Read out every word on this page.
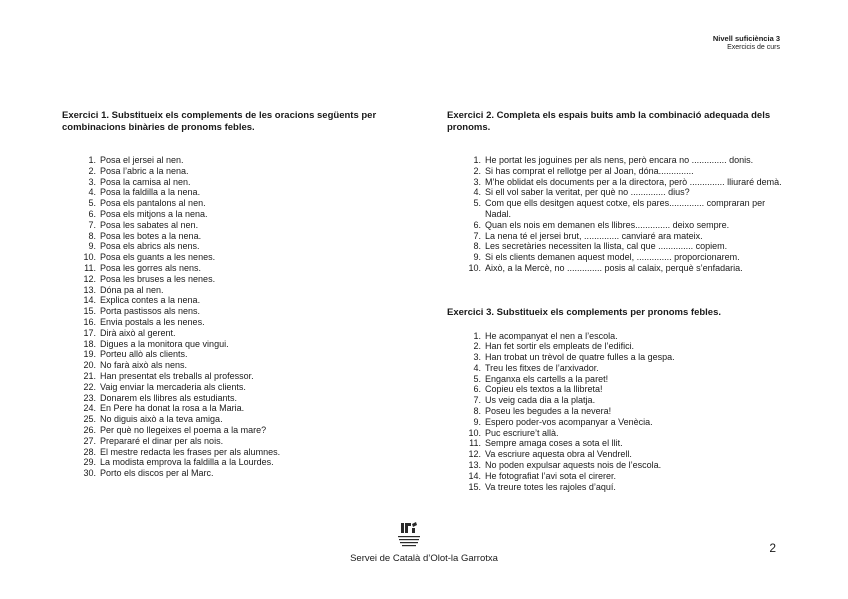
Nivell suficiència 3
Exercicis de curs

Exercici 1. Substitueix els complements de les oracions següents per combinacions binàries de pronoms febles.

1. Posa el jersei al nen.
2. Posa l’abric a la nena.
3. Posa la camisa al nen.
4. Posa la faldilla a la nena.
5. Posa els pantalons al nen.
6. Posa els mitjons a la nena.
7. Posa les sabates al nen.
8. Posa les botes a la nena.
9. Posa els abrics als nens.
10. Posa els guants a les nenes.
11. Posa les gorres als nens.
12. Posa les bruses a les nenes.
13. Dóna pa al nen.
14. Explica contes a la nena.
15. Porta pastissos als nens.
16. Envia postals a les nenes.
17. Dirà això al gerent.
18. Digues a la monitora que vingui.
19. Porteu allò als clients.
20. No farà això als nens.
21. Han presentat els treballs al professor.
22. Vaig enviar la mercaderia als clients.
23. Donarem els llibres als estudiants.
24. En Pere ha donat la rosa a la Maria.
25. No diguis això a la teva amiga.
26. Per què no llegeixes el poema a la mare?
27. Prepararé el dinar per als nois.
28. El mestre redacta les frases per als alumnes.
29. La modista emprova la faldilla a la Lourdes.
30. Porto els discos per al Marc.

Exercici 2. Completa els espais buits amb la combinació adequada dels pronoms.

1. He portat les joguines per als nens, però encara no .............. donis.
2. Si has comprat el rellotge per al Joan, dóna..............
3. M’he oblidat els documents per a la directora, però .............. lliuraré demà.
4. Si ell vol saber la veritat, per què no .............. dius?
5. Com que ells desitgen aquest cotxe, els pares.............. compraran per Nadal.
6. Quan els nois em demanen els llibres.............. deixo sempre.
7. La nena té el jersei brut, .............. canviaré ara mateix.
8. Les secretàries necessiten la llista, cal que .............. copiem.
9. Si els clients demanen aquest model, .............. proporcionarem.
10. Això, a la Mercè, no .............. posis al calaix, perquè s’enfadaria.

Exercici 3. Substitueix els complements per pronoms febles.

1. He acompanyat el nen a l’escola.
2. Han fet sortir els empleats de l’edifici.
3. Han trobat un trèvol de quatre fulles a la gespa.
4. Treu les fitxes de l’arxivador.
5. Enganxa els cartells a la paret!
6. Copieu els textos a la llibreta!
7. Us veig cada dia a la platja.
8. Poseu les begudes a la nevera!
9. Espero poder-vos acompanyar a Venècia.
10. Puc escriure’t allà.
11. Sempre amaga coses a sota el llit.
12. Va escriure aquesta obra al Vendrell.
13. No poden expulsar aquests nois de l’escola.
14. He fotografiat l’avi sota el cirerer.
15. Va treure totes les rajoles d’aquí.
Servei de Català d’Olot-la Garrotxa
2
